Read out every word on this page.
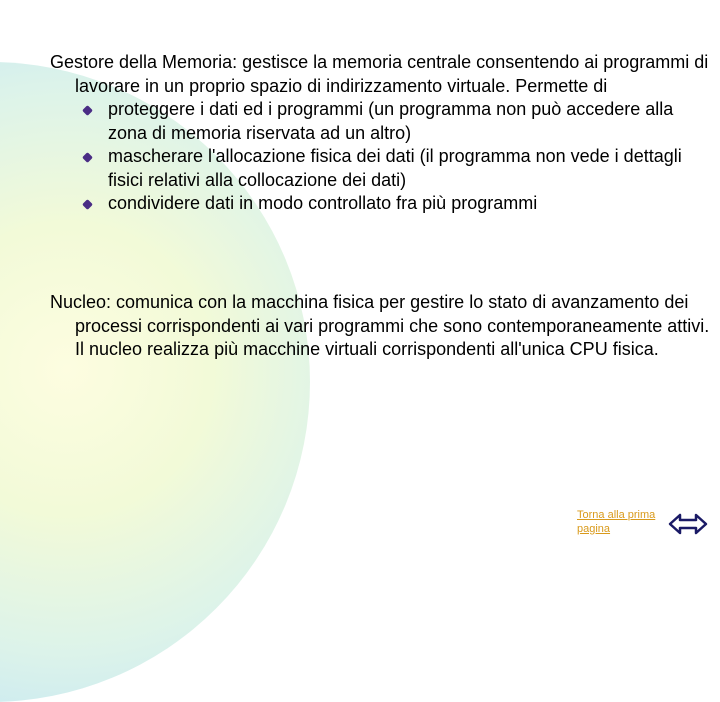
Gestore della Memoria: gestisce la memoria centrale consentendo ai programmi di lavorare in un proprio spazio di indirizzamento virtuale. Permette di
proteggere i dati ed i programmi (un programma non può accedere alla zona di memoria riservata ad un altro)
mascherare l'allocazione fisica dei dati (il programma non vede i dettagli fisici relativi alla collocazione dei dati)
condividere dati in modo controllato fra più programmi
Nucleo: comunica con la macchina fisica per gestire lo stato di avanzamento dei processi corrispondenti ai vari programmi che sono contemporaneamente attivi. Il nucleo realizza più macchine virtuali corrispondenti all'unica CPU fisica.
Torna alla prima pagina
